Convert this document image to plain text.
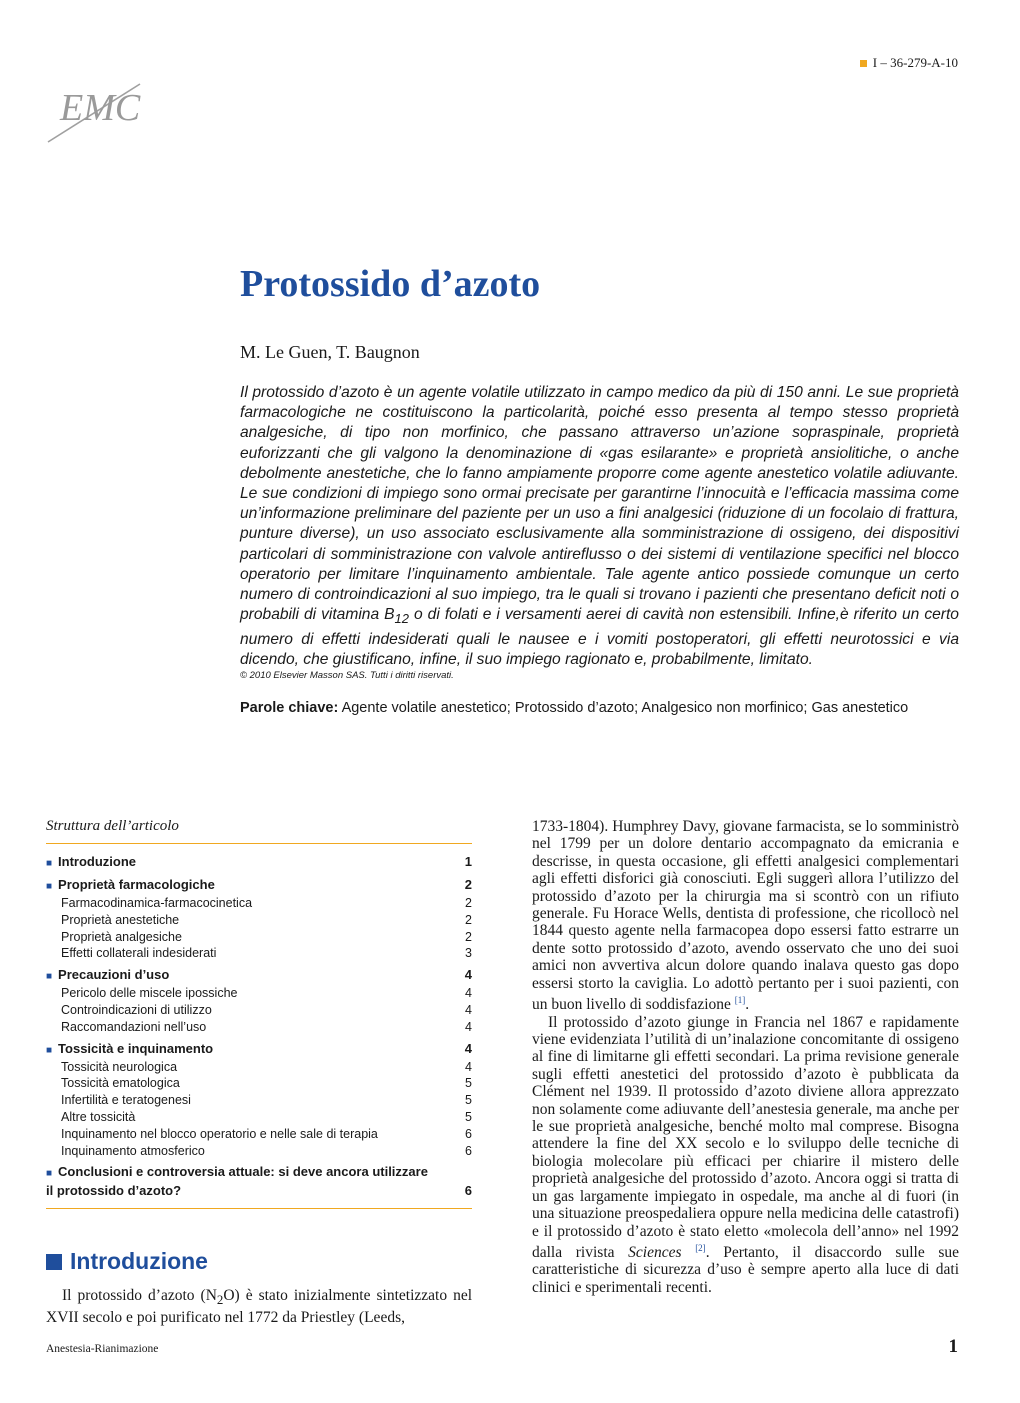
EMC
I – 36-279-A-10
Protossido d’azoto
M. Le Guen, T. Baugnon

Il protossido d’azoto è un agente volatile utilizzato in campo medico da più di 150 anni. Le sue proprietà farmacologiche ne costituiscono la particolarità, poiché esso presenta al tempo stesso proprietà analgesiche, di tipo non morfinico, che passano attraverso un’azione sopraspinale, proprietà euforizzanti che gli valgono la denominazione di «gas esilarante» e proprietà ansiolitiche, o anche debolmente anestetiche, che lo fanno ampiamente proporre come agente anestetico volatile adiuvante. Le sue condizioni di impiego sono ormai precisate per garantirne l’innocuità e l’efficacia massima come un’informazione preliminare del paziente per un uso a fini analgesici (riduzione di un focolaio di frattura, punture diverse), un uso associato esclusivamente alla somministrazione di ossigeno, dei dispositivi particolari di somministrazione con valvole antireflusso o dei sistemi di ventilazione specifici nel blocco operatorio per limitare l’inquinamento ambientale. Tale agente antico possiede comunque un certo numero di controindicazioni al suo impiego, tra le quali si trovano i pazienti che presentano deficit noti o probabili di vitamina $B_{12}$ o di folati e i versamenti aerei di cavità non estensibili. Infine,è riferito un certo numero di effetti indesiderati quali le nausee e i vomiti postoperatori, gli effetti neurotossici e via dicendo, che giustificano, infine, il suo impiego ragionato e, probabilmente, limitato.

© 2010 Elsevier Masson SAS. Tutti i diritti riservati.
Parole chiave: Agente volatile anestetico; Protossido d’azoto; Analgesico non morfinico; Gas anestetico
Struttura dell’articolo
■ Introduzione	1
■ Proprietà farmacologiche	2
Farmacodinamica-farmacocinetica	2
Proprietà anestetiche	2
Proprietà analgesiche	2
Effetti collaterali indesiderati	3
■ Precauzioni d’uso	4
Pericolo delle miscele ipossiche	4
Controindicazioni di utilizzo	4
Raccomandazioni nell’uso	4
■ Tossicità e inquinamento	4
Tossicità neurologica	4
Tossicità ematologica	5
Infertilità e teratogenesi	5
Altre tossicità	5
Inquinamento nel blocco operatorio e nelle sale di terapia	6
Inquinamento atmosferico	6
■ Conclusioni e controversia attuale: si deve ancora utilizzare
il protossido d’azoto?	6
Introduzione

Il protossido d’azoto $(N_2O)$ è stato inizialmente sintetizzato nel XVII secolo e poi purificato nel 1772 da Priestley (Leeds,

1733-1804). Humphrey Davy, giovane farmacista, se lo somministrò nel 1799 per un dolore dentario accompagnato da emicrania e descrisse, in questa occasione, gli effetti analgesici complementari agli effetti disforici già conosciuti. Egli suggerì allora l’utilizzo del protossido d’azoto per la chirurgia ma si scontrò con un rifiuto generale. Fu Horace Wells, dentista di professione, che ricollocò nel 1844 questo agente nella farmacopea dopo essersi fatto estrarre un dente sotto protossido d’azoto, avendo osservato che uno dei suoi amici non avvertiva alcun dolore quando inalava questo gas dopo essersi storto la caviglia. Lo adottò pertanto per i suoi pazienti, con un buon livello di soddisfazione [1].

Il protossido d’azoto giunge in Francia nel 1867 e rapidamente viene evidenziata l’utilità di un’inalazione concomitante di ossigeno al fine di limitarne gli effetti secondari. La prima revisione generale sugli effetti anestetici del protossido d’azoto è pubblicata da Clément nel 1939. Il protossido d’azoto diviene allora apprezzato non solamente come adiuvante dell’anestesia generale, ma anche per le sue proprietà analgesiche, benché molto mal comprese. Bisogna attendere la fine del XX secolo e lo sviluppo delle tecniche di biologia molecolare più efficaci per chiarire il mistero delle proprietà analgesiche del protossido d’azoto. Ancora oggi si tratta di un gas largamente impiegato in ospedale, ma anche al di fuori (in una situazione preospedaliera oppure nella medicina delle catastrofi) e il protossido d’azoto è stato eletto «molecola dell’anno» nel 1992 dalla rivista Sciences [2]. Pertanto, il disaccordo sulle sue caratteristiche di sicurezza d’uso è sempre aperto alla luce di dati clinici e sperimentali recenti.

Anestesia-Rianimazione	1
